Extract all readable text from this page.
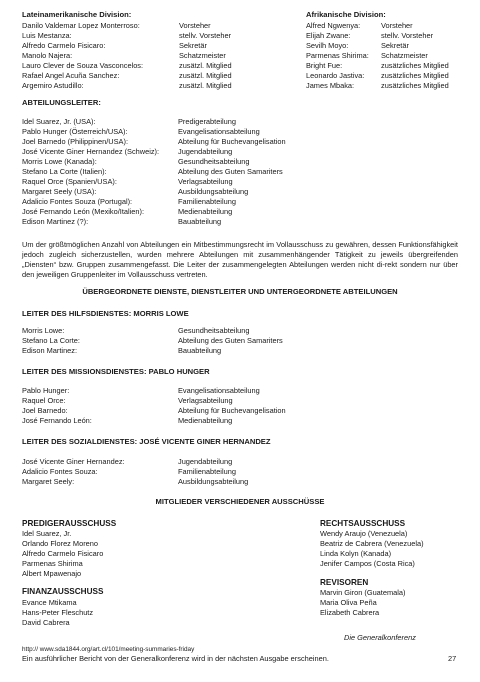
Lateinamerikanische Division:
Danilo Valdemar Lopez Monterroso:	Vorsteher
Luis Mestanza:	stellv. Vorsteher
Alfredo Carmelo Fisicaro:	Sekretär
Manolo Najera:	Schatzmeister
Lauro Clever de Souza Vasconcelos:	zusätzl. Mitglied
Rafael Angel Acuña Sanchez:	zusätzl. Mitglied
Argemiro Astudillo:	zusätzl. Mitglied
Afrikanische Division:
Alfred Ngwenya:	Vorsteher
Elijah Zwane:	stellv. Vorsteher
Sevilh Moyo:	Sekretär
Parmenas Shirima: Schatzmeister
Bright Fue:	zusätzliches Mitglied
Leonardo Jastiva: zusätzliches Mitglied
James Mbaka:	zusätzliches Mitglied
ABTEILUNGSLEITER:
Idel Suarez, Jr. (USA):	Predigerabteilung
Pablo Hunger (Österreich/USA):	Evangelisationsabteilung
Joel Barnedo (Philippinen/USA):	Abteilung für Buchevangelisation
José Vicente Giner Hernandez (Schweiz):	Jugendabteilung
Morris Lowe (Kanada):	Gesundheitsabteilung
Stefano La Corte (Italien):	Abteilung des Guten Samariters
Raquel Orce (Spanien/USA):	Verlagsabteilung
Margaret Seely (USA):	Ausbildungsabteilung
Adalicio Fontes Souza (Portugal):	Familienabteilung
José Fernando León (Mexiko/Italien):	Medienabteilung
Edison Martinez (?):	Bauabteilung
Um der größtmöglichen Anzahl von Abteilungen ein Mitbestimmungsrecht im Vollausschuss zu gewähren, dessen Funktionsfähigkeit jedoch zugleich sicherzustellen, wurden mehrere Abteilungen mit zusammenhängender Tätigkeit zu jeweils übergreifenden „Diensten“ bzw. Gruppen zusammengefasst. Die Leiter der zusammengelegten Abteilungen werden nicht di-rekt sondern nur über den jeweiligen Gruppenleiter im Vollausschuss vertreten.
ÜBERGEORDNETE DIENSTE, DIENSTLEITER UND UNTERGEORDNETE ABTEILUNGEN
LEITER DES HILFSDIENSTES: MORRIS LOWE
Morris Lowe:	Gesundheitsabteilung
Stefano La Corte:	Abteilung des Guten Samariters
Edison Martinez:	Bauabteilung
LEITER DES MISSIONSDIENSTES: PABLO HUNGER
Pablo Hunger:	Evangelisationsabteilung
Raquel Orce:	Verlagsabteilung
Joel Barnedo:	Abteilung für Buchevangelisation
José Fernando León:	Medienabteilung
LEITER DES SOZIALDIENSTES: JOSÉ VICENTE GINER HERNANDEZ
José Vicente Giner Hernandez:	Jugendabteilung
Adalicio Fontes Souza:	Familienabteilung
Margaret Seely:	Ausbildungsabteilung
MITGLIEDER VERSCHIEDENER AUSSCHÜSSE
PREDIGERAUSSCHUSS
Idel Suarez, Jr.
Orlando Florez Moreno
Alfredo Carmelo Fisicaro
Parmenas Shirima
Albert Mpawenajo
FINANZAUSSCHUSS
Evance Mtikama
Hans-Peter Fleschutz
David Cabrera
RECHTSAUSSCHUSS
Wendy Araujo (Venezuela)
Beatriz de Cabrera (Venezuela)
Linda Kolyn (Kanada)
Jenifer Campos (Costa Rica)
REVISOREN
Marvin Giron (Guatemala)
Maria Oliva Peña
Elizabeth Cabrera
Die Generalkonferenz
http:// www.sda1844.org/art.cl/101/meeting-summaries-friday
Ein ausführlicher Bericht von der Generalkonferenz wird in der nächsten Ausgabe erscheinen.	27
